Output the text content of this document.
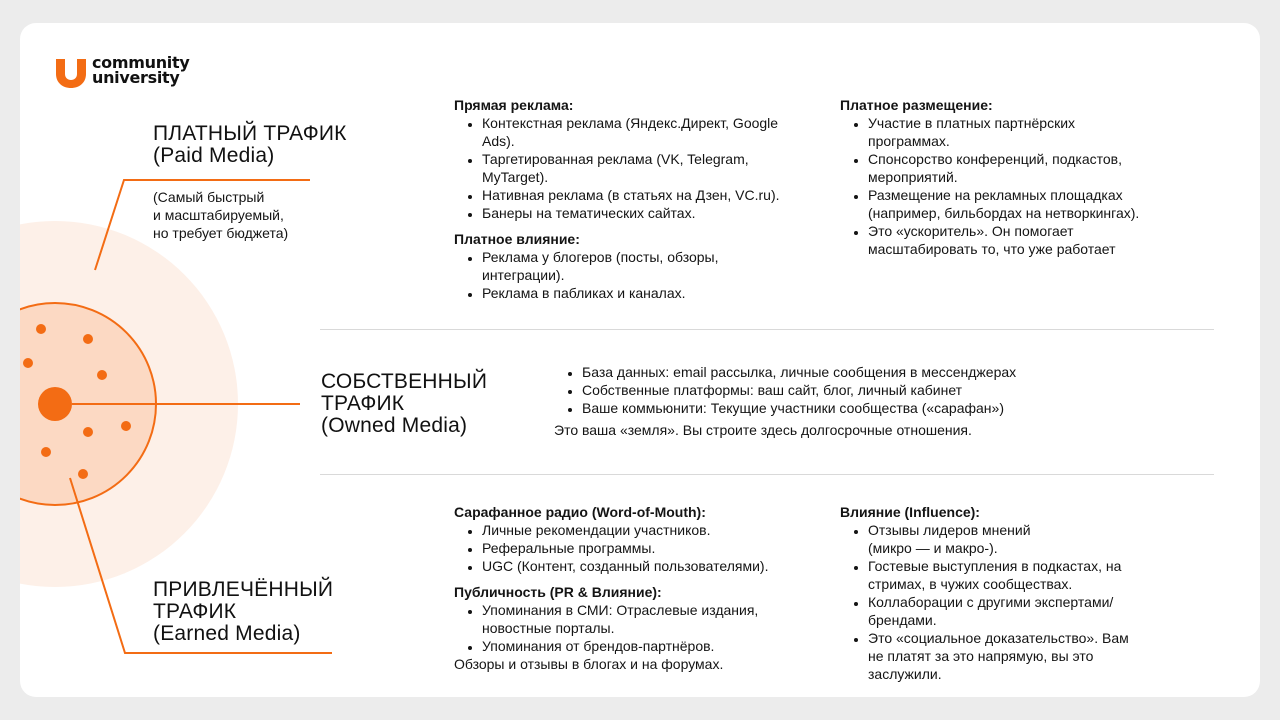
community
university
ПЛАТНЫЙ ТРАФИК
(Paid Media)
(Самый быстрый
и масштабируемый,
но требует бюджета)
Прямая реклама:
• Контекстная реклама (Яндекс.Директ, Google Ads).
• Таргетированная реклама (VK, Telegram, MyTarget).
• Нативная реклама (в статьях на Дзен, VC.ru).
• Банеры на тематических сайтах.
Платное влияние:
• Реклама у блогеров (посты, обзоры, интеграции).
• Реклама в пабликах и каналах.
Платное размещение:
• Участие в платных партнёрских программах.
• Спонсорство конференций, подкастов, мероприятий.
• Размещение на рекламных площадках (например, бильбордах на нетворкингах).
• Это «ускоритель». Он помогает масштабировать то, что уже работает
СОБСТВЕННЫЙ
ТРАФИК
(Owned Media)
• База данных: email рассылка, личные сообщения в мессенджерах
• Собственные платформы: ваш сайт, блог, личный кабинет
• Ваше коммьюнити: Текущие участники сообщества («сарафан»)

Это ваша «земля». Вы строите здесь долгосрочные отношения.

ПРИВЛЕЧЁННЫЙ
ТРАФИК
(Earned Media)
Сарафанное радио (Word-of-Mouth):
• Личные рекомендации участников.
• Реферальные программы.
• UGC (Контент, созданный пользователями).
Публичность (PR & Влияние):
• Упоминания в СМИ: Отраслевые издания, новостные порталы.
• Упоминания от брендов-партнёров.

Обзоры и отзывы в блогах и на форумах.

Влияние (Influence):
• Отзывы лидеров мнений (микро — и макро-).
• Гостевые выступления в подкастах, на стримах, в чужих сообществах.
• Коллаборации с другими экспертами/ брендами.
• Это «социальное доказательство». Вам не платят за это напрямую, вы это заслужили.
